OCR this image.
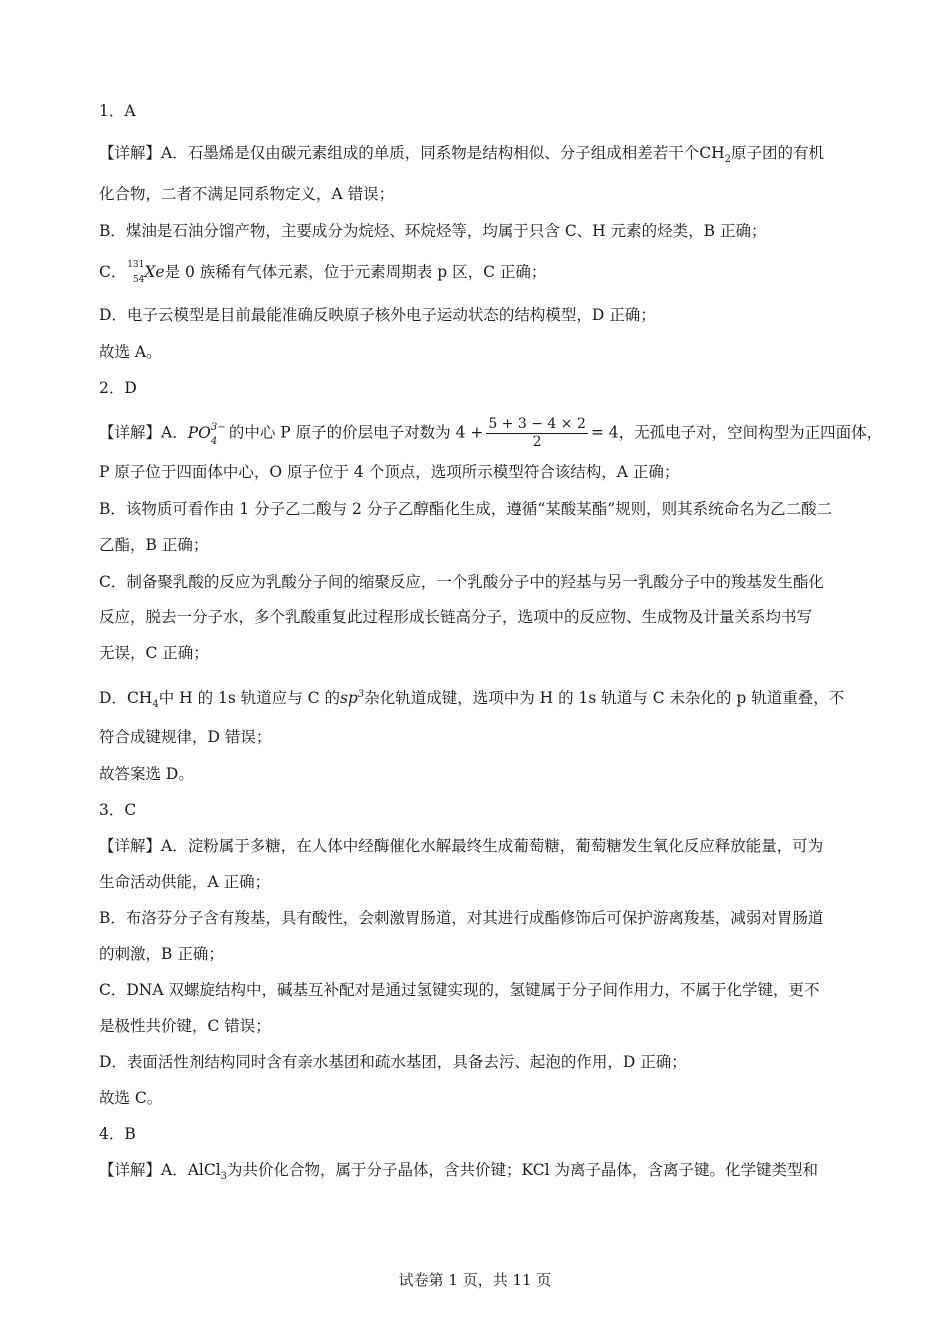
1．A
【详解】A．石墨烯是仅由碳元素组成的单质，同系物是结构相似、分子组成相差若干个$CH_2$原子团的有机
化合物，二者不满足同系物定义，A 错误；
B．煤油是石油分馏产物，主要成分为烷烃、环烷烃等，均属于只含 C、H 元素的烃类，B 正确；
C． 131
54 Xe是 0 族稀有气体元素，位于元素周期表 p 区，C 正确；
D．电子云模型是目前最能准确反映原子核外电子运动状态的结构模型，D 正确；
故选 A。
2．D
【详解】A．PO 3−
4 的中心 P 原子的价层电子对数为 $4 + \frac{5 + 3 - 4 \times 2}{2} = 4$，无孤电子对，空间构型为正四面体，
P 原子位于四面体中心，O 原子位于 4 个顶点，选项所示模型符合该结构，A 正确；
B．该物质可看作由 1 分子乙二酸与 2 分子乙醇酯化生成，遵循“某酸某酯”规则，则其系统命名为乙二酸二
乙酯，B 正确；
C．制备聚乳酸的反应为乳酸分子间的缩聚反应，一个乳酸分子中的羟基与另一乳酸分子中的羧基发生酯化
反应，脱去一分子水，多个乳酸重复此过程形成长链高分子，选项中的反应物、生成物及计量关系均书写
无误，C 正确；
D．$CH_4$中 H 的 1s 轨道应与 C 的$sp^3$杂化轨道成键，选项中为 H 的 1s 轨道与 C 未杂化的 p 轨道重叠，不
符合成键规律，D 错误；
故答案选 D。
3．C
【详解】A．淀粉属于多糖，在人体中经酶催化水解最终生成葡萄糖，葡萄糖发生氧化反应释放能量，可为
生命活动供能，A 正确；
B．布洛芬分子含有羧基，具有酸性，会刺激胃肠道，对其进行成酯修饰后可保护游离羧基，减弱对胃肠道
的刺激，B 正确；
C．DNA 双螺旋结构中，碱基互补配对是通过氢键实现的，氢键属于分子间作用力，不属于化学键，更不
是极性共价键，C 错误；
D．表面活性剂结构同时含有亲水基团和疏水基团，具备去污、起泡的作用，D 正确；
故选 C。
4．B
【详解】A．AlCl$_3$为共价化合物，属于分子晶体，含共价键；KCl 为离子晶体，含离子键。化学键类型和
试卷第 1 页，共 11 页
